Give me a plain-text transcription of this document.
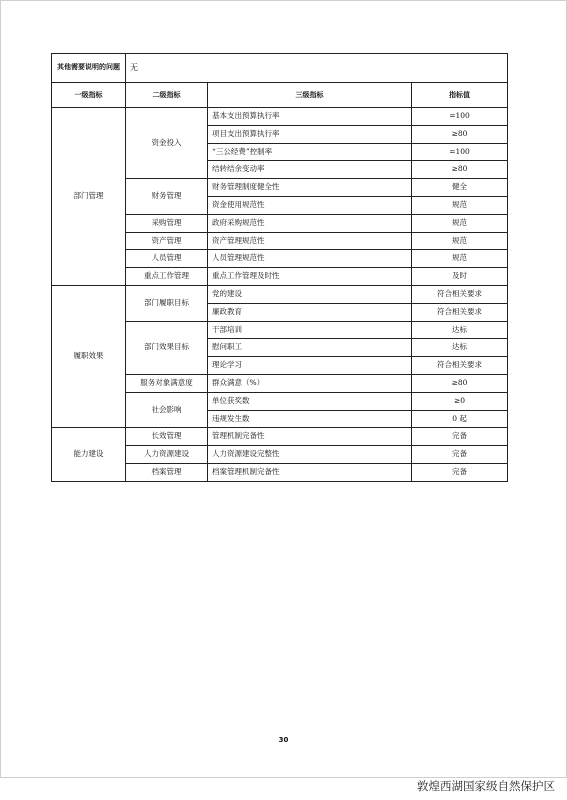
其他需要说明的问题	无		
一级指标	二级指标	三级指标	指标值
部门管理	资金投入	基本支出预算执行率	=100
		项目支出预算执行率	≥80
		“三公经费”控制率	=100
		结转结余变动率	≥80
	财务管理	财务管理制度健全性	健全
		资金使用规范性	规范
	采购管理	政府采购规范性	规范
	资产管理	资产管理规范性	规范
	人员管理	人员管理规范性	规范
	重点工作管理	重点工作管理及时性	及时
履职效果	部门履职目标	党的建设	符合相关要求
		廉政教育	符合相关要求
	部门效果目标	干部培训	达标
		慰问职工	达标
		理论学习	符合相关要求
	服务对象满意度	群众满意（%）	≥80
	社会影响	单位获奖数	≥0
		违规发生数	0 起
能力建设	长效管理	管理机制完备性	完备
	人力资源建设	人力资源建设完整性	完备
	档案管理	档案管理机制完备性	完备
30
敦煌西湖国家级自然保护区
